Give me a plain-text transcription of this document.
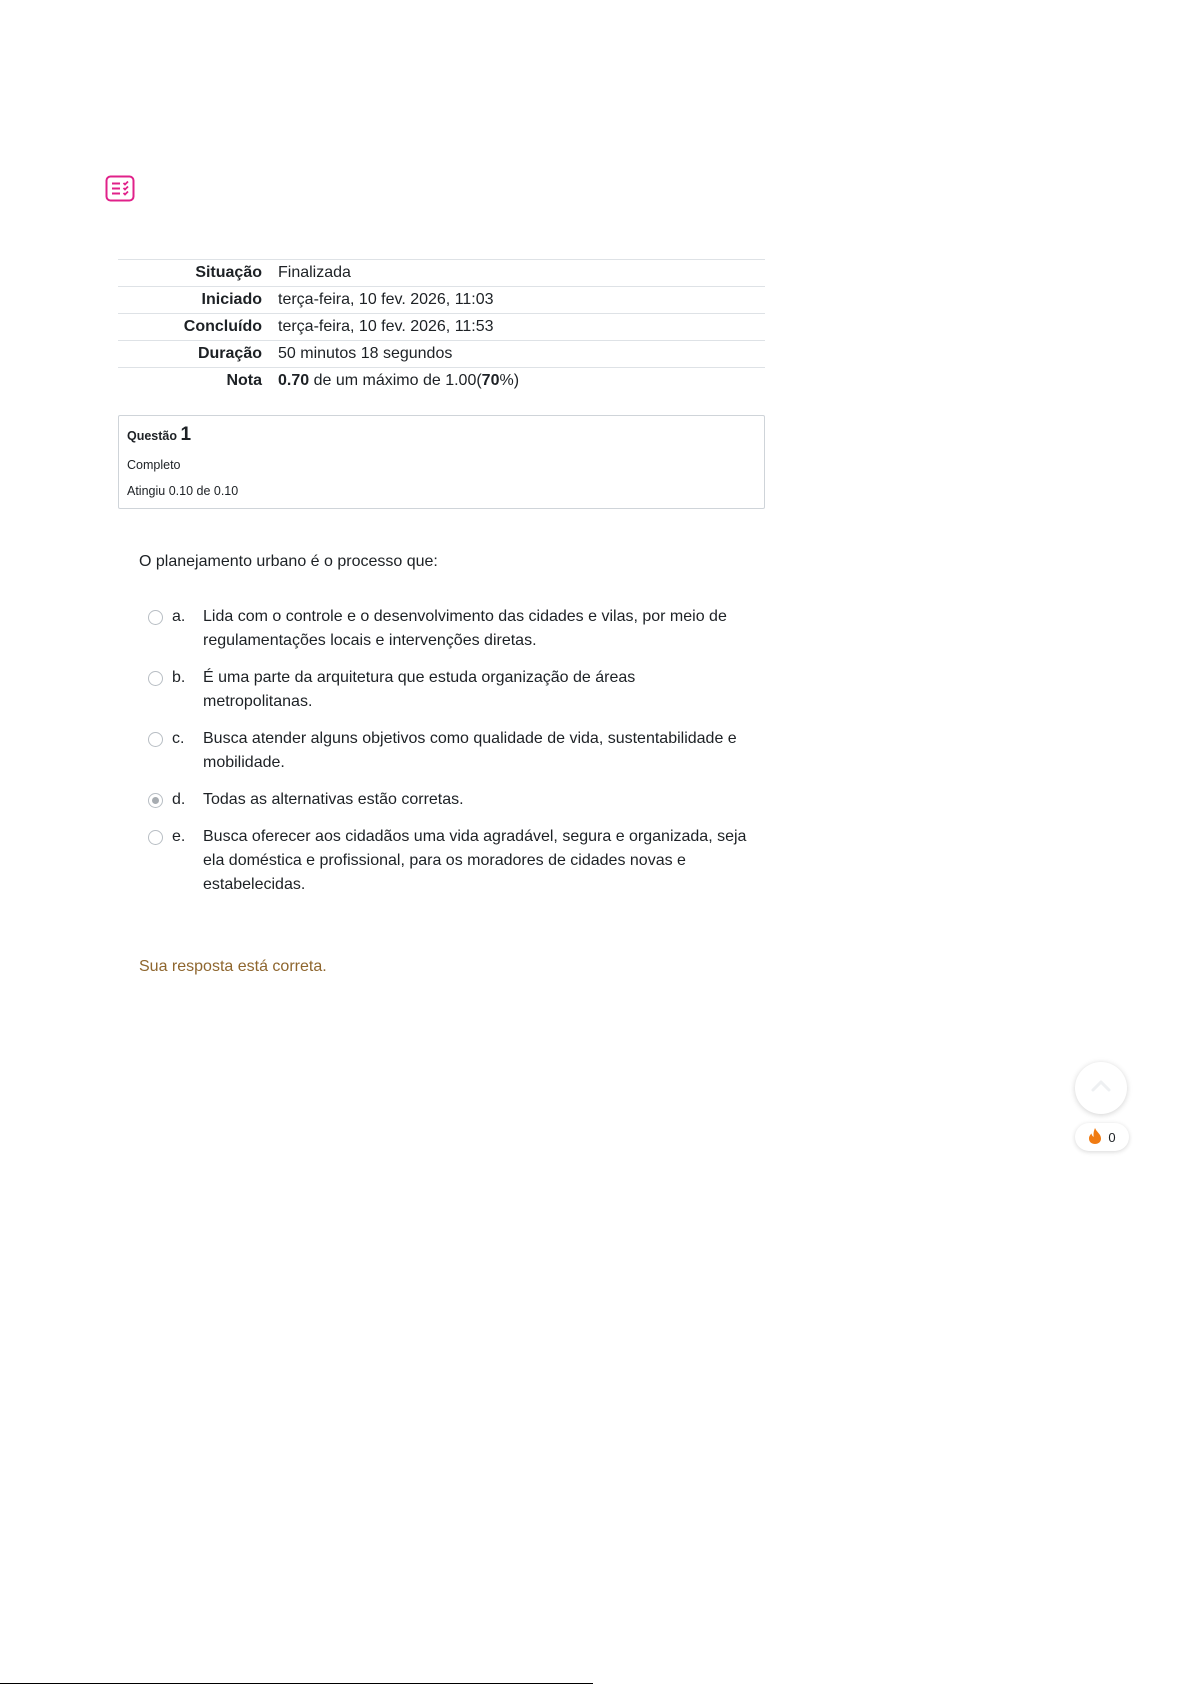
Situação	Finalizada
Iniciado	terça-feira, 10 fev. 2026, 11:03
Concluído	terça-feira, 10 fev. 2026, 11:53
Duração	50 minutos 18 segundos
Nota	0.70 de um máximo de 1.00(70%)
Questão 1
Completo
Atingiu 0.10 de 0.10
O planejamento urbano é o processo que:
a.	Lida com o controle e o desenvolvimento das cidades e vilas, por meio de regulamentações locais e intervenções diretas.
b.	É uma parte da arquitetura que estuda organização de áreas metropolitanas.
c.	Busca atender alguns objetivos como qualidade de vida, sustentabilidade e mobilidade.
d.	Todas as alternativas estão corretas.
e.	Busca oferecer aos cidadãos uma vida agradável, segura e organizada, seja ela doméstica e profissional, para os moradores de cidades novas e estabelecidas.
Sua resposta está correta.
0
